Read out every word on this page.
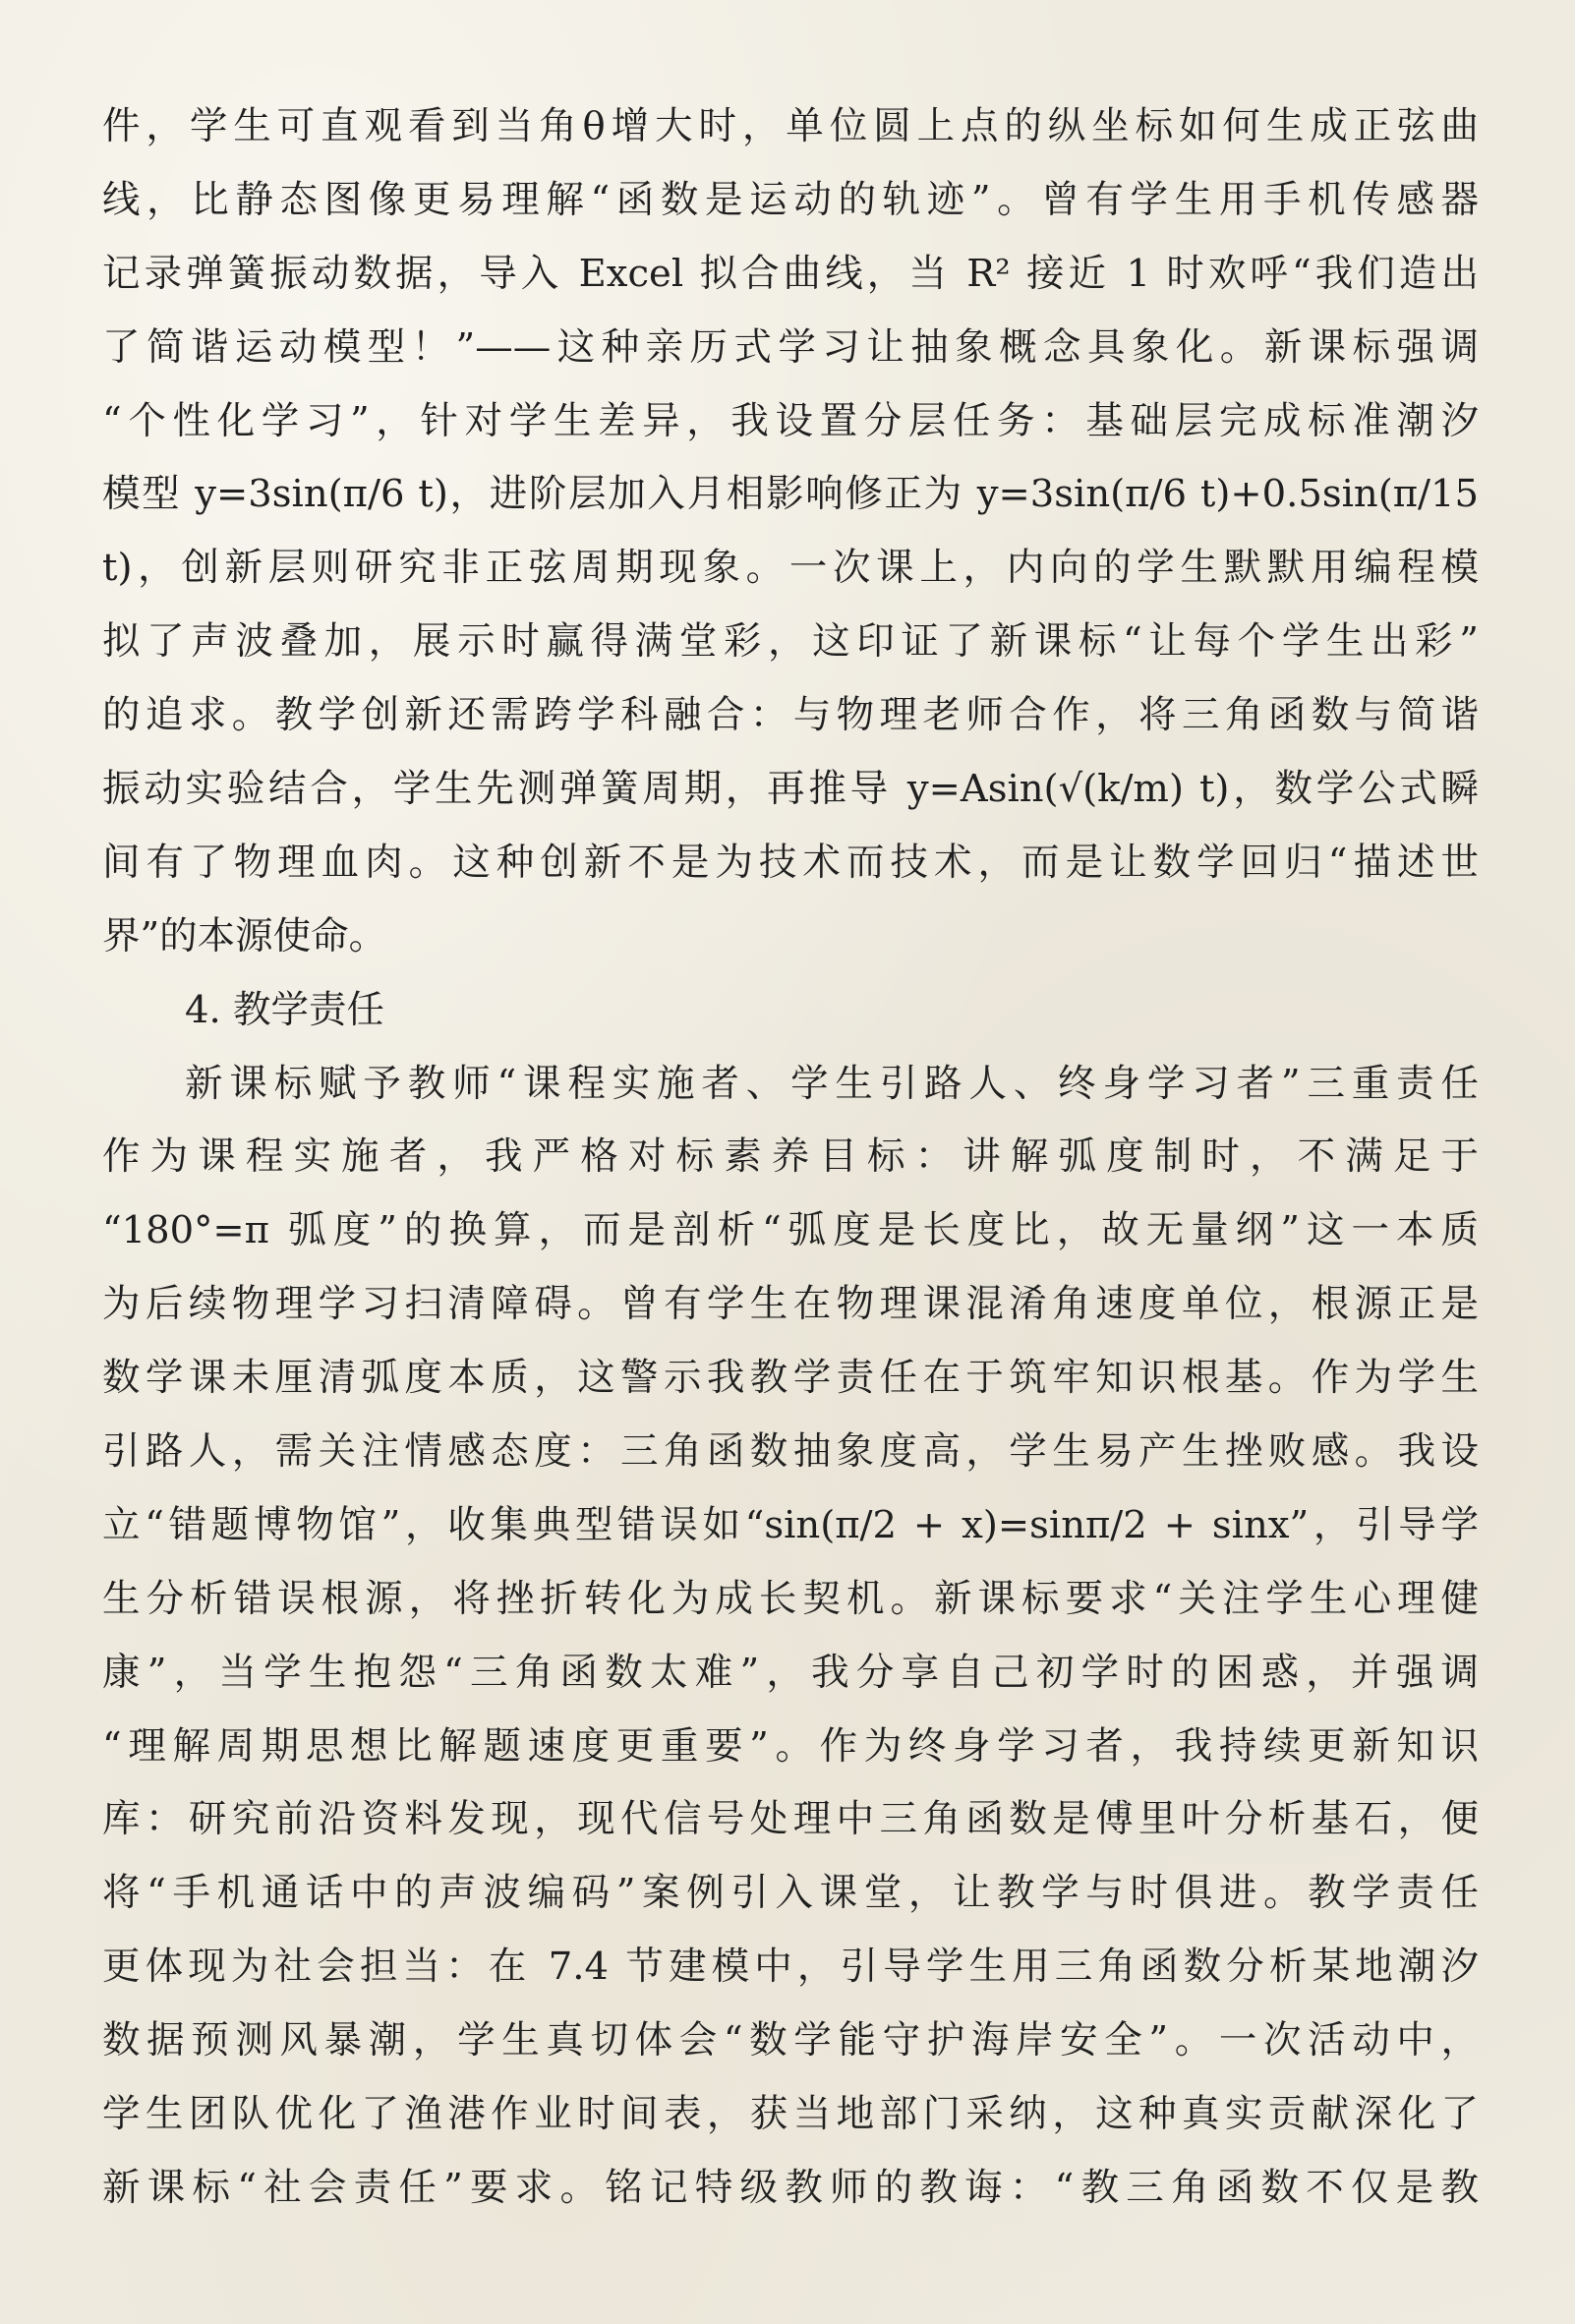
件，学生可直观看到当角θ增大时，单位圆上点的纵坐标如何生成正弦曲
线，比静态图像更易理解“函数是运动的轨迹”。曾有学生用手机传感器
记录弹簧振动数据，导入 Excel 拟合曲线，当 R² 接近 1 时欢呼“我们造出
了简谐运动模型！”——这种亲历式学习让抽象概念具象化。新课标强调
“个性化学习”，针对学生差异，我设置分层任务：基础层完成标准潮汐
模型 y=3sin(π/6 t)，进阶层加入月相影响修正为 y=3sin(π/6 t)+0.5sin(π/15
t)，创新层则研究非正弦周期现象。一次课上，内向的学生默默用编程模
拟了声波叠加，展示时赢得满堂彩，这印证了新课标“让每个学生出彩”
的追求。教学创新还需跨学科融合：与物理老师合作，将三角函数与简谐
振动实验结合，学生先测弹簧周期，再推导 y=Asin(√(k/m) t)，数学公式瞬
间有了物理血肉。这种创新不是为技术而技术，而是让数学回归“描述世
界”的本源使命。
4. 教学责任
新课标赋予教师“课程实施者、学生引路人、终身学习者”三重责任
作为课程实施者，我严格对标素养目标：讲解弧度制时，不满足于
“180°=π 弧度”的换算，而是剖析“弧度是长度比，故无量纲”这一本质
为后续物理学习扫清障碍。曾有学生在物理课混淆角速度单位，根源正是
数学课未厘清弧度本质，这警示我教学责任在于筑牢知识根基。作为学生
引路人，需关注情感态度：三角函数抽象度高，学生易产生挫败感。我设
立“错题博物馆”，收集典型错误如“sin(π/2 + x)=sinπ/2 + sinx”，引导学
生分析错误根源，将挫折转化为成长契机。新课标要求“关注学生心理健
康”，当学生抱怨“三角函数太难”，我分享自己初学时的困惑，并强调
“理解周期思想比解题速度更重要”。作为终身学习者，我持续更新知识
库：研究前沿资料发现，现代信号处理中三角函数是傅里叶分析基石，便
将“手机通话中的声波编码”案例引入课堂，让教学与时俱进。教学责任
更体现为社会担当：在 7.4 节建模中，引导学生用三角函数分析某地潮汐
数据预测风暴潮，学生真切体会“数学能守护海岸安全”。一次活动中，
学生团队优化了渔港作业时间表，获当地部门采纳，这种真实贡献深化了
新课标“社会责任”要求。铭记特级教师的教诲：“教三角函数不仅是教
